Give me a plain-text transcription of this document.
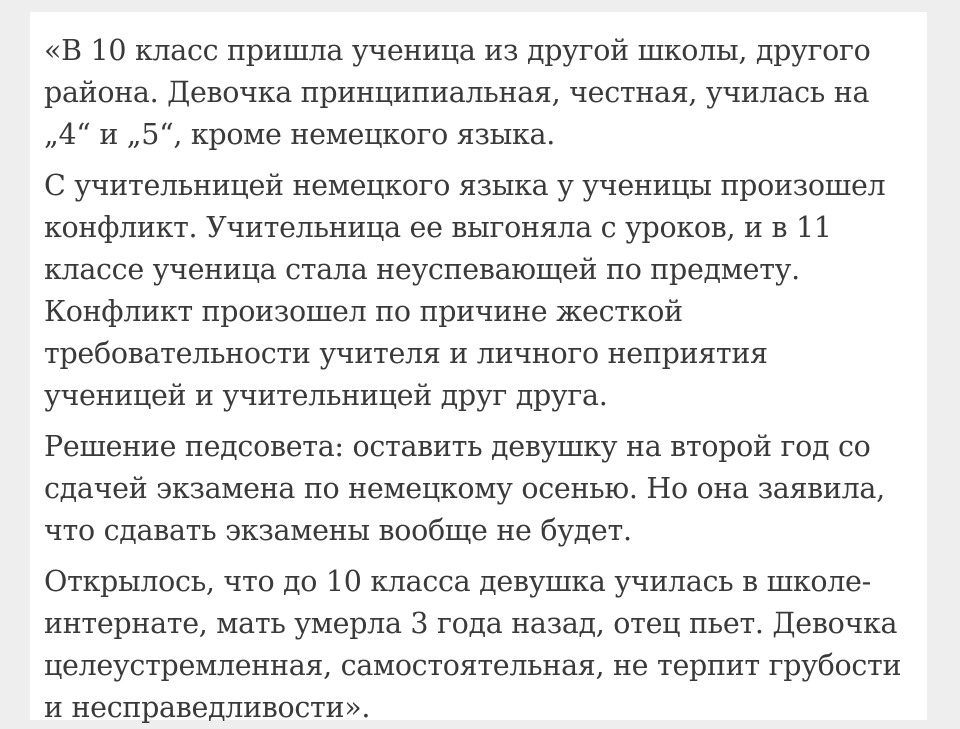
«В 10 класс пришла ученица из другой школы, другого района. Девочка принципиальная, честная, училась на „4“ и „5“, кроме немецкого языка.

С учительницей немецкого языка у ученицы произошел конфликт. Учительница ее выгоняла с уроков, и в 11 классе ученица стала неуспевающей по предмету. Конфликт произошел по причине жесткой требовательности учителя и личного неприятия ученицей и учительницей друг друга.

Решение педсовета: оставить девушку на второй год со сдачей экзамена по немецкому осенью. Но она заявила, что сдавать экзамены вообще не будет.

Открылось, что до 10 класса девушка училась в школе-интернате, мать умерла 3 года назад, отец пьет. Девочка целеустремленная, самостоятельная, не терпит грубости и несправедливости».
